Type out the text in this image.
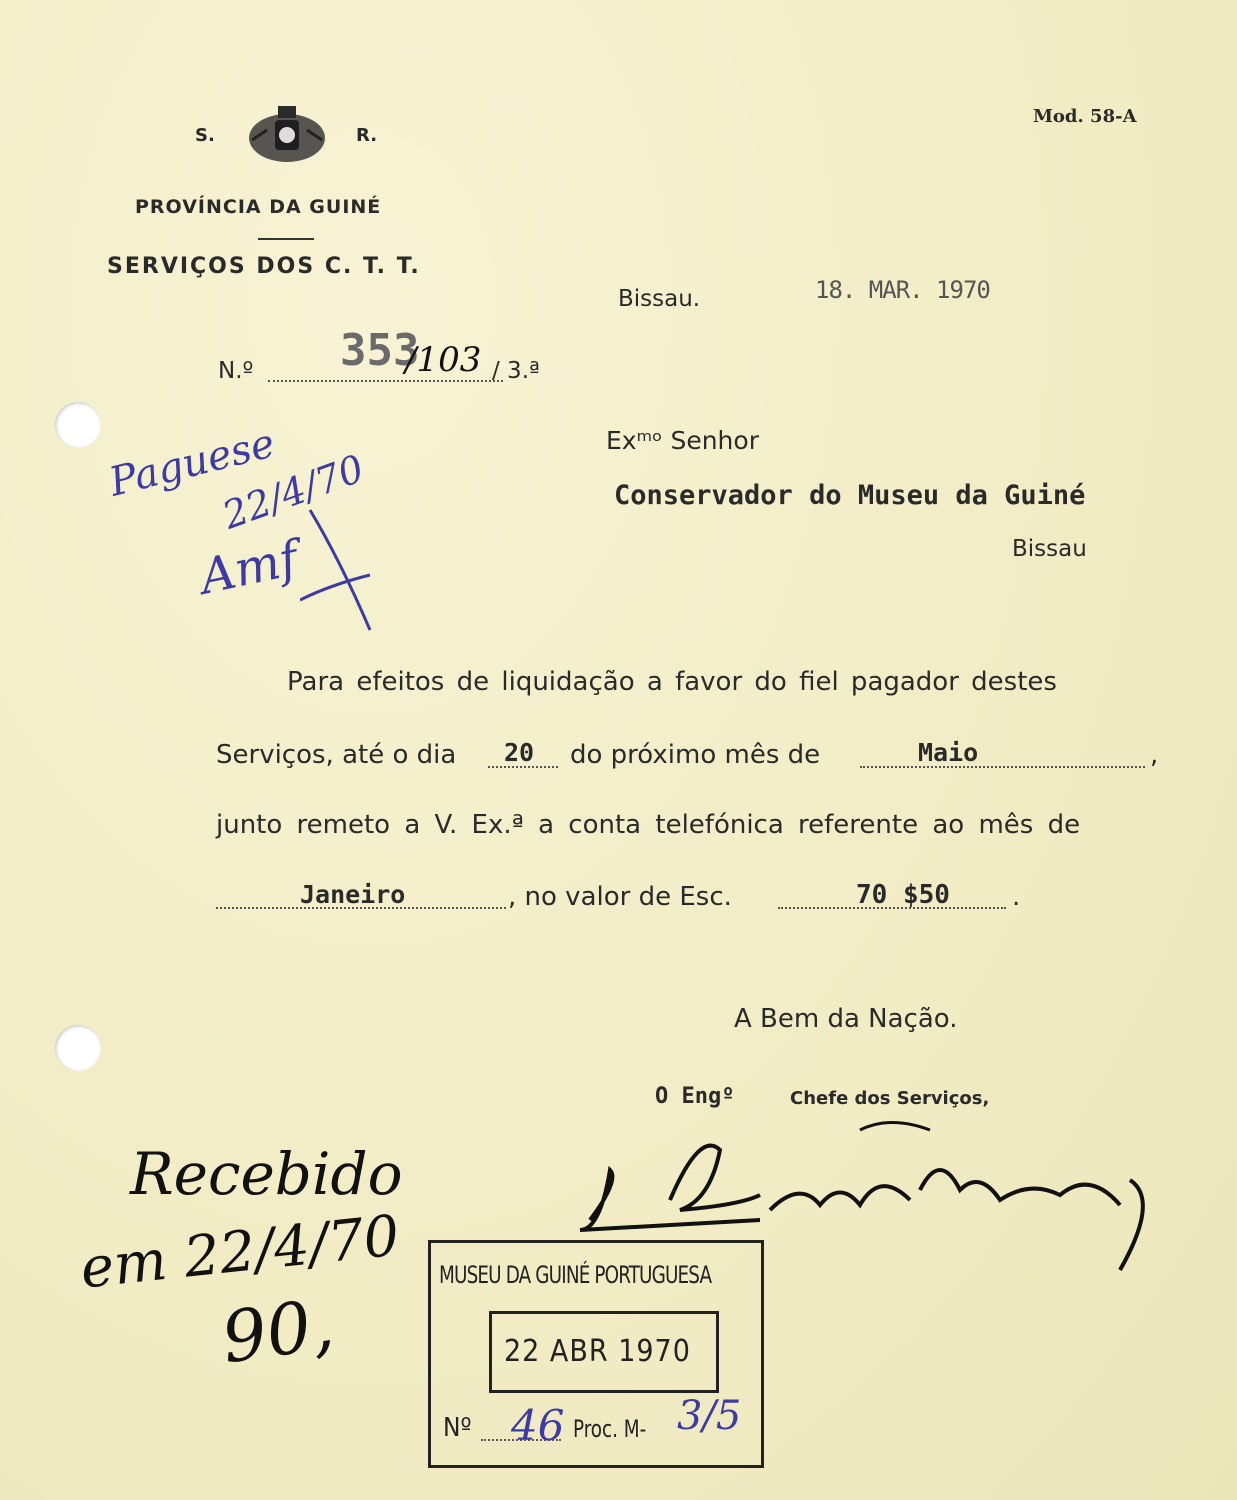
S.	R.
PROVÍNCIA DA GUINÉ
SERVIÇOS DOS C. T. T.
Mod. 58-A
Bissau.	18. MAR. 1970
N.º 353
/103 / 3.ª
Paguese
22/4/70
Amf
Exᵐᵒ Senhor
Conservador do Museu da Guiné
Bissau
Para efeitos de liquidação a favor do fiel pagador destes
Serviços, até o dia 20 do próximo mês de	Maio	,
junto remeto a V. Ex.ª a conta telefónica referente ao mês de
Janeiro	, no valor de Esc.	70 $50 .
A Bem da Nação.
O Engº	Chefe dos Serviços,
Recebido
em 22/4/70
90,
MUSEU DA GUINÉ PORTUGUESA
22 ABR 1970
Nº 46 Proc. M- 3/5
